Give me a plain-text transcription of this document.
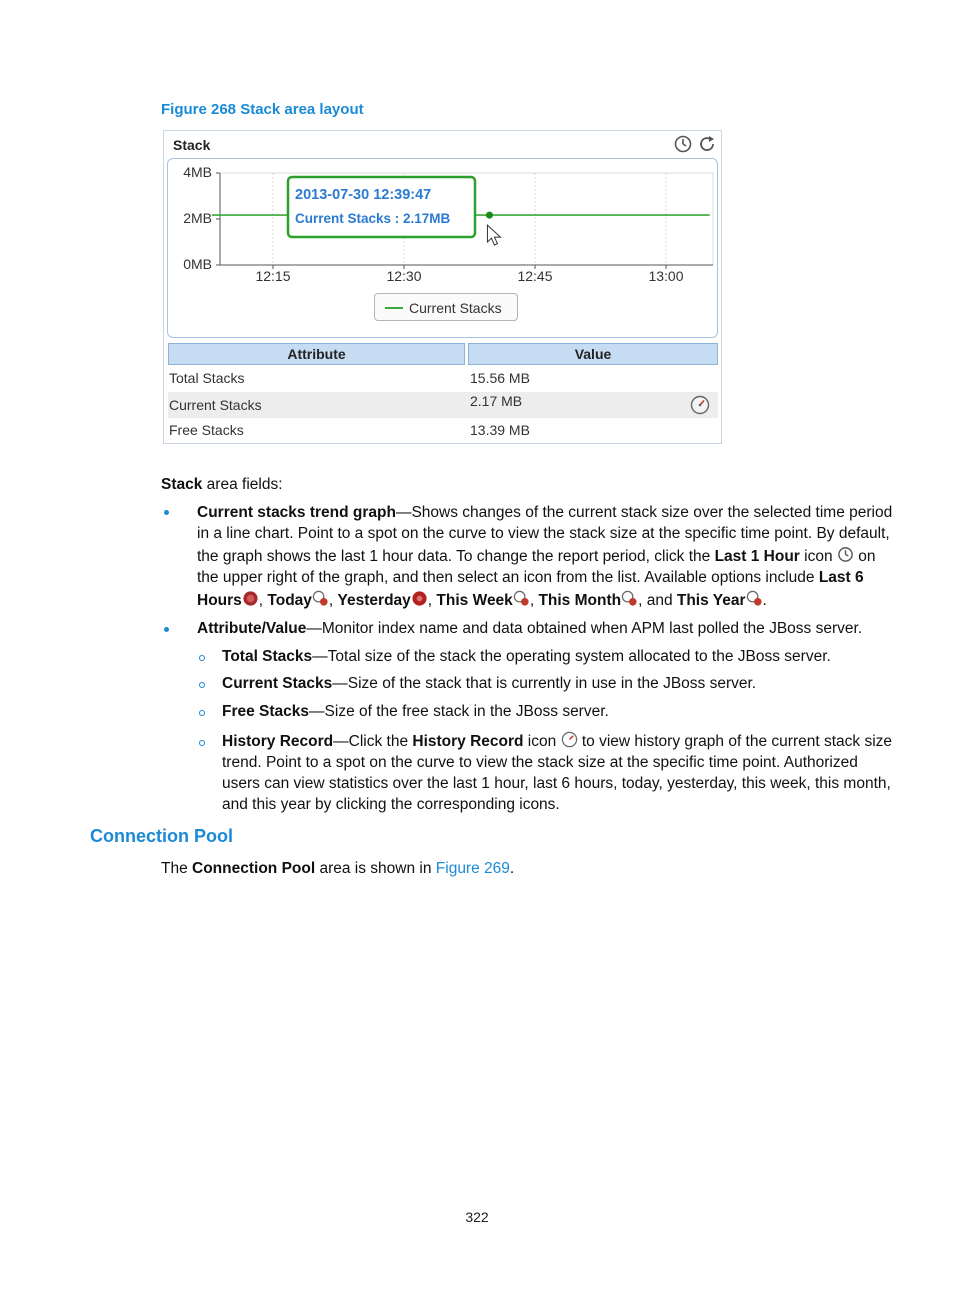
Figure 268 Stack area layout
Stack
4MB
2MB
0MB
12:15	12:30	12:45	13:00
2013-07-30 12:39:47
Current Stacks : 2.17MB
Current Stacks
Attribute	Value
Total Stacks	15.56 MB
Current Stacks	2.17 MB
Free Stacks	13.39 MB
Stack area fields:
Current stacks trend graph—Shows changes of the current stack size over the selected time period
in a line chart. Point to a spot on the curve to view the stack size at the specific time point. By default,
the graph shows the last 1 hour data. To change the report period, click the Last 1 Hour icon  on
the upper right of the graph, and then select an icon from the list. Available options include Last 6
Hours , Today , Yesterday , This Week , This Month , and This Year .
Attribute/Value—Monitor index name and data obtained when APM last polled the JBoss server.
Total Stacks—Total size of the stack the operating system allocated to the JBoss server.
Current Stacks—Size of the stack that is currently in use in the JBoss server.
Free Stacks—Size of the free stack in the JBoss server.
History Record—Click the History Record icon  to view history graph of the current stack size
trend. Point to a spot on the curve to view the stack size at the specific time point. Authorized
users can view statistics over the last 1 hour, last 6 hours, today, yesterday, this week, this month,
and this year by clicking the corresponding icons.
Connection Pool
The Connection Pool area is shown in Figure 269.
322
